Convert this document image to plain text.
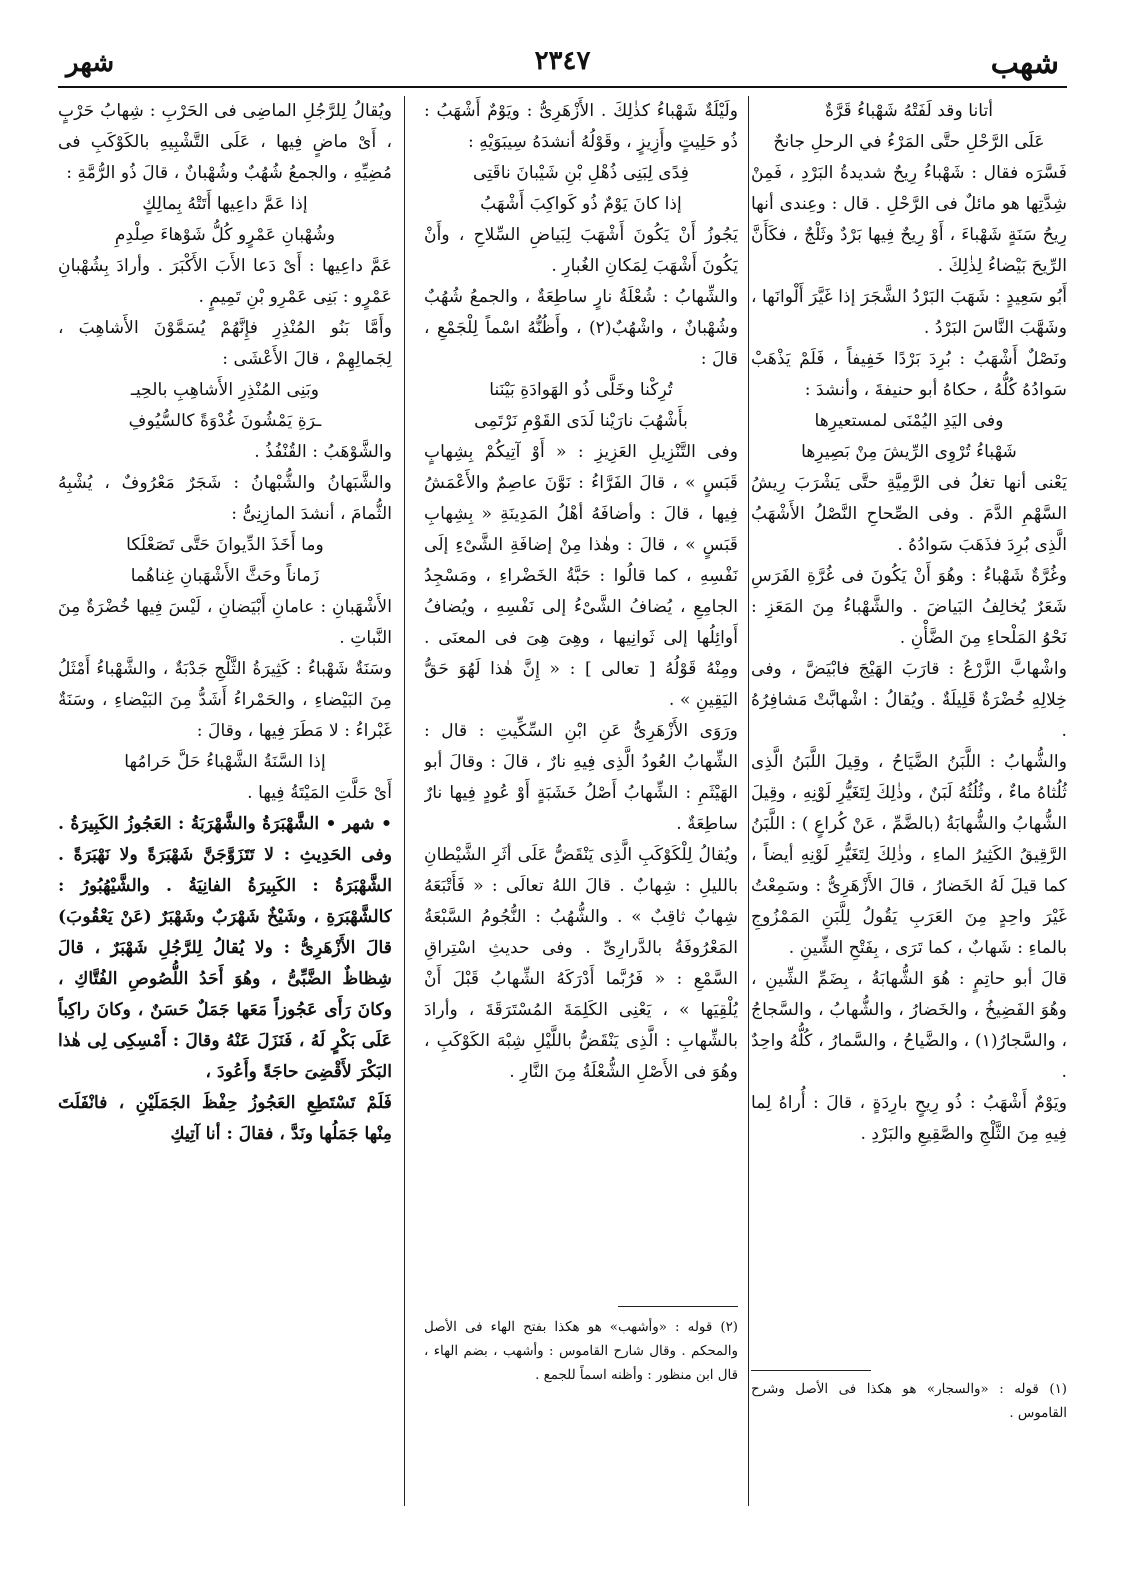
شهب
٢٣٤٧
شهر

أتانا وقد لَفَتْهُ شَهْباءُ قَرَّةٌ

عَلَى الرَّحْلِ حتَّى المَرْءُ في الرحلِ جانحٌ

فَسَّرَه فقال : شَهْباءُ رِيحٌ شديدةُ البَرْدِ ، فَمِنْ شِدَّتِها هو مائلٌ فى الرَّحْلِ . قال : وعِندى أنها رِيحُ سَنَةٍ شَهْباءَ ، أَوْ رِيحٌ فِيها بَرْدٌ وثَلْجٌ ، فكَأَنَّ الرِّيحَ بَيْضاءُ لِذٰلِكَ .

أَبُو سَعِيدٍ : شَهَبَ البَرْدُ الشَّجَرَ إذا غَيَّرَ أَلْوانَها ، وشَهَّبَ النَّاسَ البَرْدُ .

ونَصْلٌ أَشْهَبُ : بُرِدَ بَرْدًا خَفِيفاً ، فَلَمْ يَذْهَبْ سَوادُهُ كُلُّهُ ، حكاهُ أبو حنيفةَ ، وأنشدَ :

وفى اليَدِ اليُمْنَى لمستعيرِها

شَهْباءُ تُرْوِى الرِّيشَ مِنْ بَصِيرِها

يَعْنى أنها تغلُ فى الرَّمِيَّةِ حتَّى يَشْرَبَ رِيشُ السَّهْمِ الدَّمَ . وفى الصِّحاحِ النَّصْلُ الأَشْهَبُ الَّذِى بُرِدَ فذَهَبَ سَوادُهُ .

وغُرَّةٌ شَهْباءُ : وهُوَ أَنْ يَكُونَ فى غُرَّةِ الفَرَسِ شَعَرٌ يُخالِفُ البَياضَ . والشَّهْباءُ مِنَ المَعَزِ : نَحْوُ المَلْحاءِ مِنَ الضَّأْنِ .

واشْهابَّ الزَّرْعُ : قارَبَ الهَيْجَ فابْيَضَّ ، وفى خِلالِهِ خُضْرَةٌ قَلِيلَةٌ . ويُقالُ : اشْهابَّتْ مَشافِرُهُ .

والشُّهابُ : اللَّبَنُ الضَّيَاحُ ، وقِيلَ اللَّبَنُ الَّذِى ثُلُثاهُ ماءٌ ، وثُلُثُهُ لَبَنٌ ، وذٰلِكَ لِتَغَيُّرِ لَوْنِهِ ، وقِيلَ الشُّهابُ والشُّهابَةُ (بالضَّمِّ ، عَنْ كُراعٍ ) : اللَّبَنُ الرَّقِيقُ الكَثِيرُ الماءِ ، وذٰلِكَ لِتَغَيُّرِ لَوْنِهِ أيضاً ، كما قيلَ لَهُ الخَضارُ ، قالَ الأَزْهَرِىُّ : وسَمِعْتُ غَيْرَ واحِدٍ مِنَ العَرَبِ يَقُولُ لِلَّبَنِ المَمْزُوجِ بالماءِ : شَهابٌ ، كما تَرَى ، بِفَتْحِ الشِّينِ .

قالَ أبو حاتِمٍ : هُوَ الشُّهابَةُ ، بِضَمِّ الشِّينِ ، وهُوَ الفَضِيخُ ، والخَضارُ ، والشُّهابُ ، والسَّجاجُ ، والسَّجارُ(١) ، والضَّياحُ ، والسَّمارُ ، كُلُّهُ واحِدٌ .

ويَوْمٌ أَشْهَبُ : ذُو رِيحٍ بارِدَةٍ ، قالَ : أُراهُ لِما فِيهِ مِنَ الثَّلْجِ والصَّقِيعِ والبَرْدِ .

ولَيْلَةٌ شَهْباءُ كذٰلِكَ . الأَزْهَرِىُّ : ويَوْمٌ أَشْهَبُ : ذُو حَلِيتٍ وأَزِيزٍ ، وقَوْلُهُ أنشدَهُ سِيبَوَيْهِ :

فِدًى لِبَنِى ذُهْلِ بْنِ شَيْبانَ ناقَتِى

إذا كانَ يَوْمٌ ذُو كَواكِبَ أَشْهَبُ

يَجُوزُ أَنْ يَكُونَ أَشْهَبَ لِبَياضِ السِّلاحِ ، وأَنْ يَكُونَ أَشْهَبَ لِمَكانِ الغُبارِ .

والشِّهابُ : شُعْلَةُ نارٍ ساطِعَةٌ ، والجمعُ شُهُبٌ وشُهْبانٌ ، واشْهُبٌ(٢) ، وأَظُنُّهُ اسْماً لِلْجَمْعِ ، قالَ :

تُرِكْنا وخَلَّى ذُو الهَوادَةِ بَيْنَنا

بأَشْهُبَ نارَيْنا لَدَى القَوْمِ نَرْتَمِى

وفى التَّنْزِيلِ العَزِيزِ : « أَوْ آتِيكُمْ بِشِهابٍ قَبَسٍ » ، قالَ الفَرَّاءُ : نَوَّنَ عاصِمٌ والأَعْمَشُ فِيها ، قالَ : وأضافَهُ أهْلُ المَدِينَةِ « بِشِهابِ قَبَسٍ » ، قالَ : وهٰذا مِنْ إضافَةِ الشَّىْءِ إلَى نَفْسِهِ ، كما قالُوا : حَبَّةُ الخَضْراءِ ، ومَسْجِدُ الجامِعِ ، يُضافُ الشَّىْءُ إلى نَفْسِهِ ، ويُضافُ أَوائِلُها إلى ثَوانِيها ، وهِىَ هِىَ فى المعنَى . ومِنْهُ قَوْلُهُ [ تعالى ] : « إِنَّ هٰذا لَهُوَ حَقُّ اليَقِينِ » .

ورَوَى الأَزْهَرِىُّ عَنِ ابْنِ السِّكِّيتِ : قال : الشِّهابُ العُودُ الَّذِى فِيهِ نارٌ ، قالَ : وقالَ أبو الهَيْثَمِ : الشِّهابُ أَصْلُ خَشَبَةٍ أَوْ عُودٍ فِيها نارٌ ساطِعَةٌ .

ويُقالُ لِلْكَوْكَبِ الَّذِى يَنْقَضُّ عَلَى أثَرِ الشَّيْطانِ بالليلِ : شِهابٌ . قالَ اللهُ تعالَى : « فَأَتْبَعَهُ شِهابٌ ثاقِبٌ » . والشُّهُبُ : النُّجُومُ السَّبْعَةُ المَعْرُوفَةُ بالدَّرارِىِّ . وفى حديثِ اسْتِراقِ السَّمْعِ : « فَرُبَّما أَدْرَكَهُ الشِّهابُ قَبْلَ أَنْ يُلْقِيَها » ، يَعْنِى الكَلِمَةَ المُسْتَرَقَةَ ، وأرادَ بالشِّهابِ : الَّذِى يَنْقَضُّ باللَّيْلِ شِبْهَ الكَوْكَبِ ، وهُوَ فى الأَصْلِ الشُّعْلَةُ مِنَ النَّارِ .

ويُقالُ لِلرَّجُلِ الماضِى فى الحَرْبِ : شِهابُ حَرْبٍ ، أَىْ ماضٍ فِيها ، عَلَى التَّشْبِيهِ بالكَوْكَبِ فى مُضِيِّهِ ، والجمعُ شُهُبٌ وشُهْبانٌ ، قالَ ذُو الرُّمَّةِ :

إذا عَمَّ داعِيها أَتَتْهُ بِمالِكٍ

وشُهْبانِ عَمْرٍو كُلُّ شَوْهاءَ صِلْدِمِ

عَمَّ داعِيها : أَىْ دَعا الأَبَ الأَكْبَرَ . وأرادَ بِشُهْبانِ عَمْرٍو : بَنِى عَمْرِو بْنِ تَمِيمٍ .

وأَمَّا بَنُو المُنْذِرِ فإِنَّهُمْ يُسَمَّوْنَ الأَشاهِبَ ، لِجَمالِهِمْ ، قالَ الأَعْشَى :

وبَنِى المُنْذِرِ الأَشاهِبِ بالحِيـ

ـرَةِ يَمْشُونَ غُدْوَةً كالسُّيُوفِ

والشَّوْهَبُ : القُنْفُذُ .

والشَّبَهانُ والشُّبْهانُ : شَجَرٌ مَعْرُوفٌ ، يُشْبِهُ الثُّمامَ ، أنشدَ المازِنِىُّ :

وما أَخَذَ الدِّيوانَ حَتَّى تَصَعْلَكا

زَماناً وحَثَّ الأَشْهَبانِ غِناهُما

الأَشْهَبانِ : عامانِ أَبْيَضانِ ، لَيْسَ فِيها خُضْرَةٌ مِنَ النَّباتِ .

وسَنَةٌ شَهْباءُ : كَثِيرَةُ الثَّلْجِ جَدْبَةٌ ، والشَّهْباءُ أَمْثَلُ مِنَ البَيْضاءِ ، والحَمْراءُ أَشَدُّ مِنَ البَيْضاءِ ، وسَنَةٌ غَبْراءُ : لا مَطَرَ فِيها ، وقالَ :

إذا السَّنَةُ الشَّهْباءُ حَلَّ حَرامُها

أَىْ حَلَّتِ المَيْتَةُ فِيها .

• شهر • الشَّهْبَرَةُ والشَّهْرَبَةُ : العَجُوزُ الكَبِيرَةُ . وفى الحَدِيثِ : لا تَتَزَوَّجَنَّ شَهْبَرَةً ولا نَهْبَرَةً . الشَّهْبَرَةُ : الكَبِيرَةُ الفانِيَةُ . والشَّيْهُبُورُ : كالشَّهْبَرَةِ ، وشَيْخٌ شَهْرَبٌ وشَهْبَرٌ (عَنْ يَعْقُوبَ) قالَ الأَزْهَرِىُّ : ولا يُقالُ لِلرَّجُلِ شَهْبَرٌ ، قالَ شِظاظٌ الضَّبِّىُّ ، وهُوَ أَحَدُ اللُّصُوصِ الفُتَّاكِ ، وكانَ رَأَى عَجُوزاً مَعَها جَمَلٌ حَسَنٌ ، وكانَ راكِباً عَلَى بَكْرٍ لَهُ ، فَنَزَلَ عَنْهُ وقالَ : أَمْسِكِى لِى هٰذا البَكْرَ لأَقْضِىَ حاجَةً وأَعُودَ ،

فَلَمْ تَسْتَطِعِ العَجُوزُ حِفْظَ الجَمَلَيْنِ ، فانْفَلَتَ مِنْها جَمَلُها ونَدَّ ، فقالَ : أنا آتِيكِ

(١) قوله : «والسجار» هو هكذا فى الأصل وشرح القاموس .
(٢) قوله : «وأشهب» هو هكذا بفتح الهاء فى الأصل والمحكم . وقال شارح القاموس : وأشهب ، بضم الهاء ، قال ابن منظور : وأظنه اسماً للجمع .
